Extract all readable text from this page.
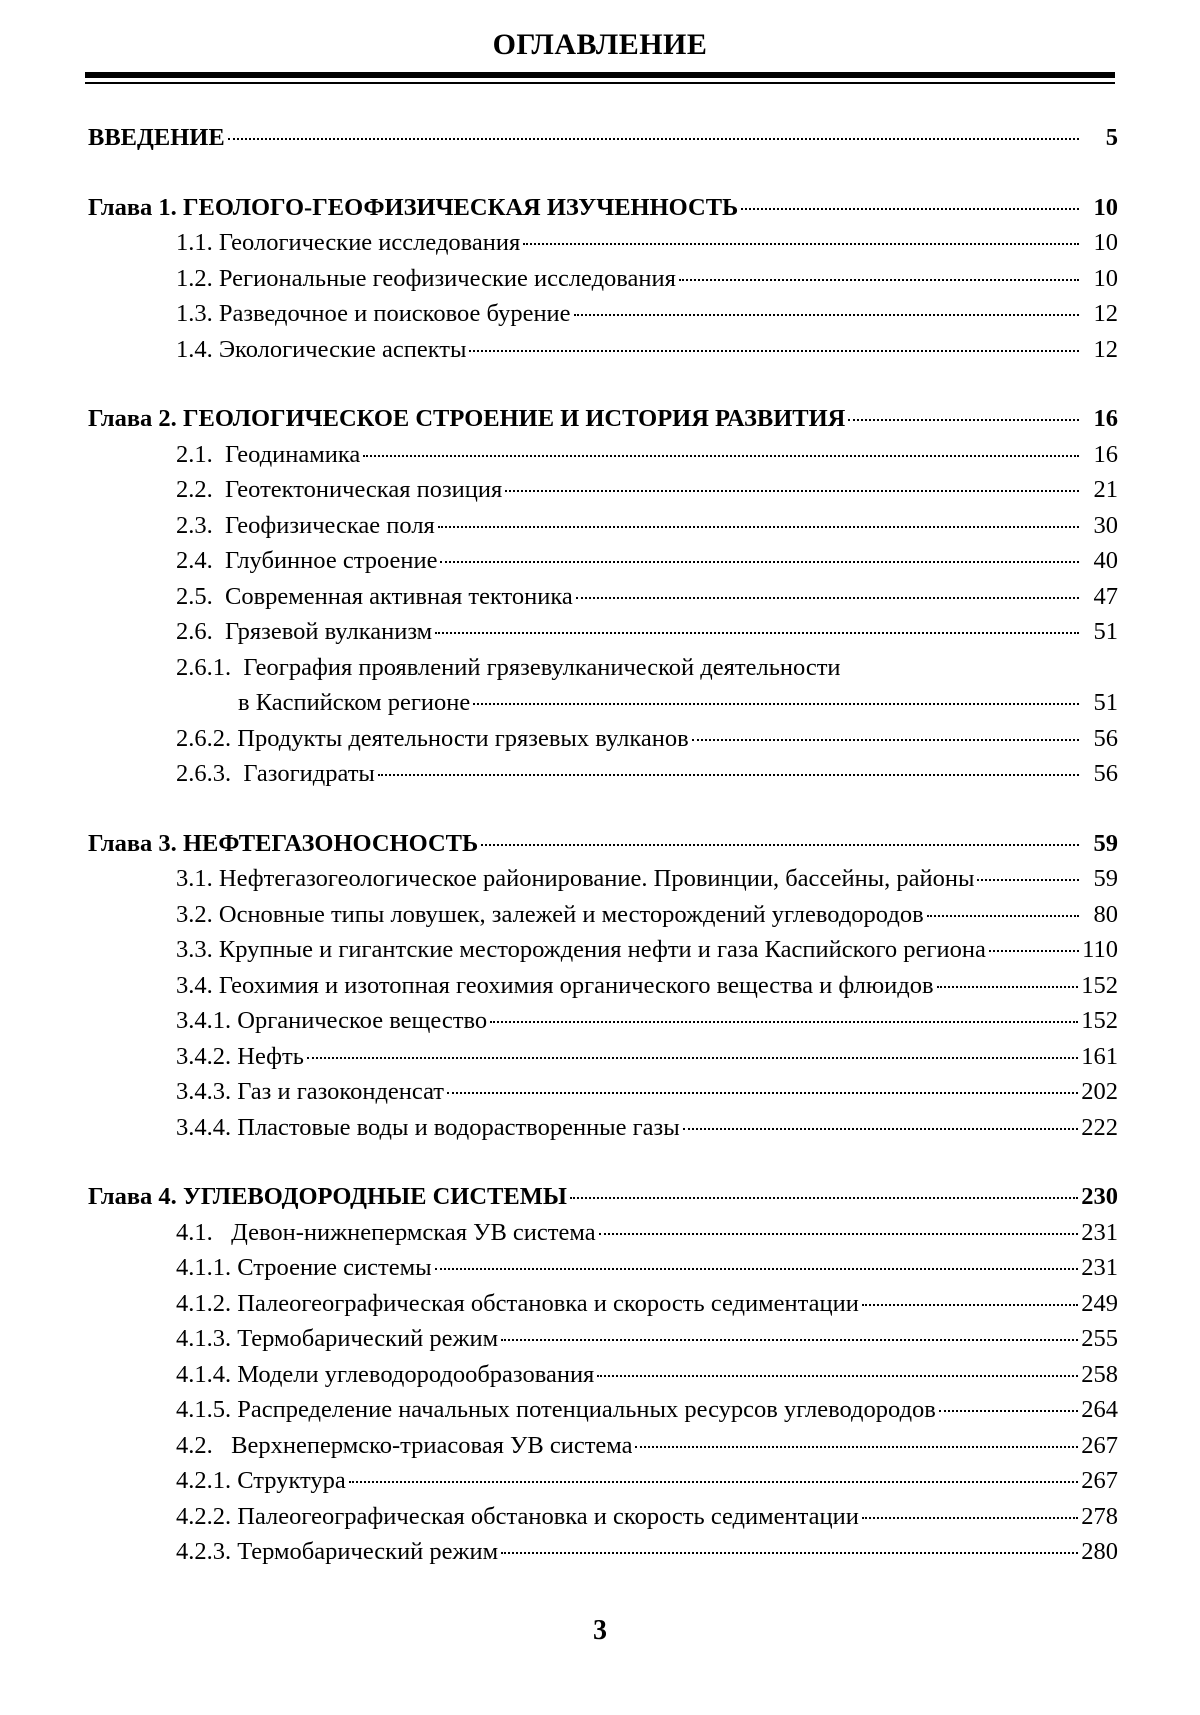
ОГЛАВЛЕНИЕ
ВВЕДЕНИЕ	5
Глава 1. ГЕОЛОГО-ГЕОФИЗИЧЕСКАЯ ИЗУЧЕННОСТЬ	10
1.1. Геологические исследования	10
1.2. Региональные геофизические исследования	10
1.3. Разведочное и поисковое бурение	12
1.4. Экологические аспекты	12
Глава 2. ГЕОЛОГИЧЕСКОЕ СТРОЕНИЕ И ИСТОРИЯ РАЗВИТИЯ	16
2.1.  Геодинамика	16
2.2.  Геотектоническая позиция	21
2.3.  Геофизическае поля	30
2.4.  Глубинное строение	40
2.5.  Современная активная тектоника	47
2.6.  Грязевой вулканизм	51
2.6.1.  География проявлений грязевулканической деятельности
в Каспийском регионе	51
2.6.2. Продукты деятельности грязевых вулканов	56
2.6.3.  Газогидраты	56
Глава 3. НЕФТЕГАЗОНОСНОСТЬ	59
3.1. Нефтегазогеологическое районирование. Провинции, бассейны, районы	59
3.2. Основные типы ловушек, залежей и месторождений углеводородов	80
3.3. Крупные и гигантские месторождения нефти и газа Каспийского региона	110
3.4. Геохимия и изотопная геохимия органического вещества и флюидов	152
3.4.1. Органическое вещество	152
3.4.2. Нефть	161
3.4.3. Газ и газоконденсат	202
3.4.4. Пластовые воды и водорастворенные газы	222
Глава 4. УГЛЕВОДОРОДНЫЕ СИСТЕМЫ	230
4.1.   Девон-нижнепермская УВ система	231
4.1.1. Строение системы	231
4.1.2. Палеогеографическая обстановка и скорость седиментации	249
4.1.3. Термобарический режим	255
4.1.4. Модели углеводородообразования	258
4.1.5. Распределение начальных потенциальных ресурсов углеводородов	264
4.2.   Верхнепермско-триасовая УВ система	267
4.2.1. Структура	267
4.2.2. Палеогеографическая обстановка и скорость седиментации	278
4.2.3. Термобарический режим	280
3
